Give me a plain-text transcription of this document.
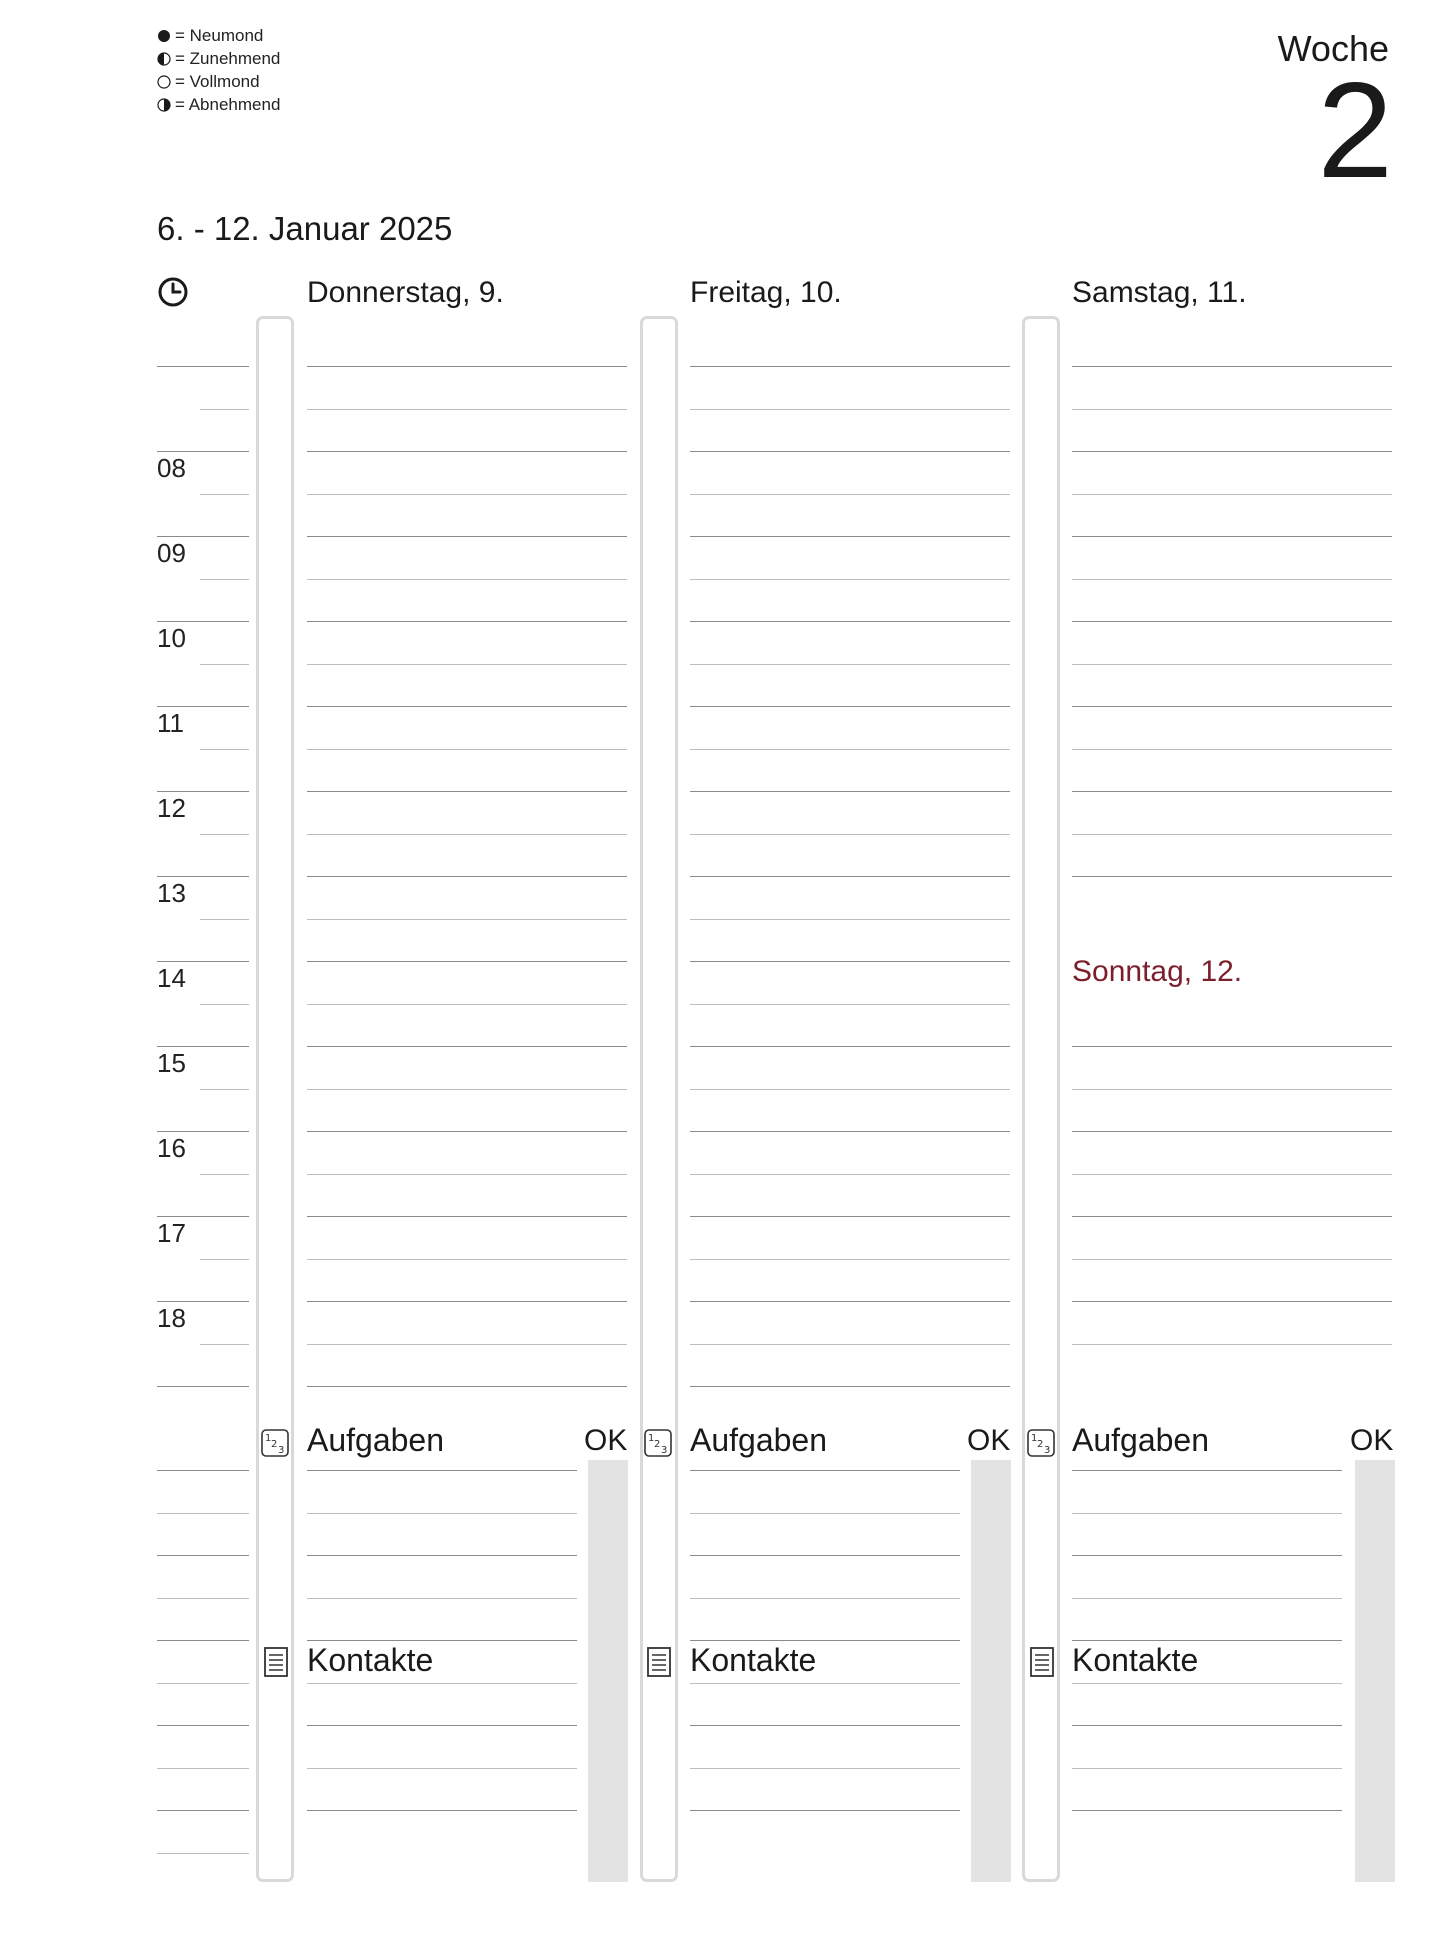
= Neumond
= Zunehmend
= Vollmond
= Abnehmend
Woche
2
6. - 12. Januar 2025
Donnerstag, 9.	Freitag, 10.	Samstag, 11.
Sonntag, 12.
08
09
10
11
12
13
14
15
16
17
18
1
2
3 Aufgaben	OK
Kontakte
1
2
3 Aufgaben	OK
Kontakte
1
2
3 Aufgaben	OK
Kontakte
